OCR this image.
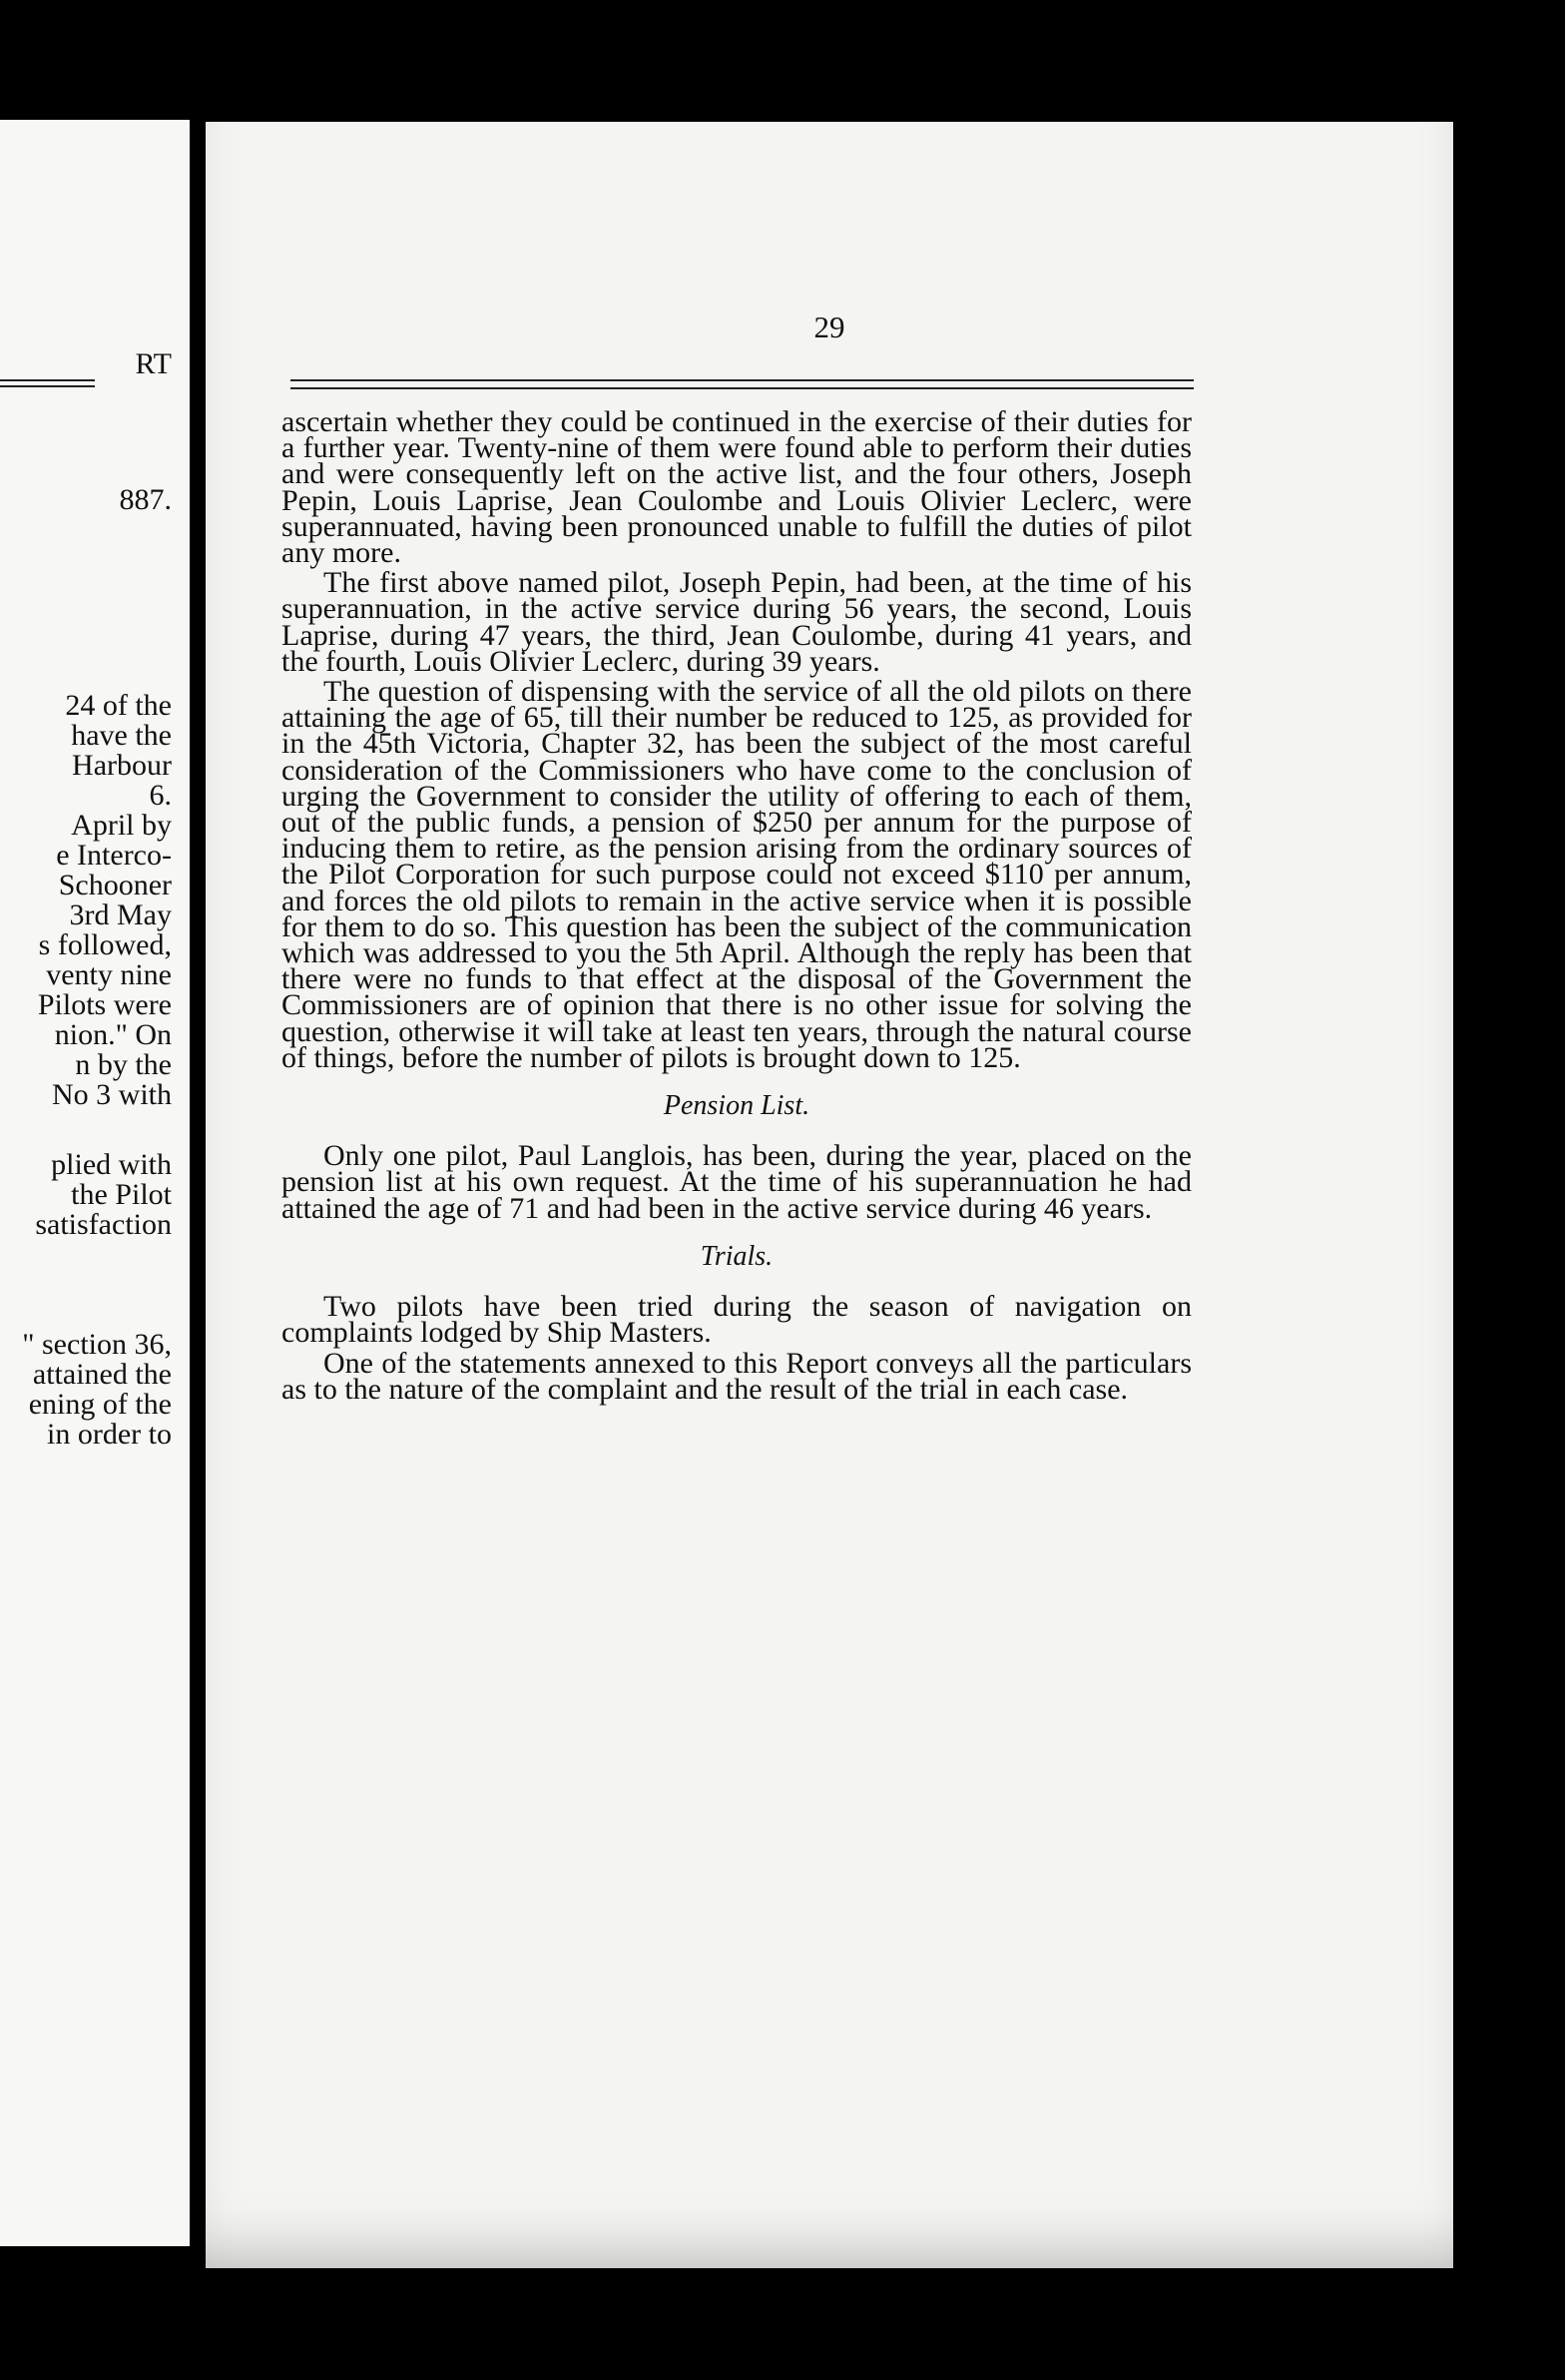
RT
887.
24 of the
have the
Harbour
6.
April by
e Interco-
Schooner
3rd May
s followed,
venty nine
Pilots were
nion." On
n by the
No 3 with
plied with
the Pilot
satisfaction
" section 36,
attained the
ening of the
in order to
29

ascertain whether they could be continued in the exercise of their duties for a further year. Twenty-nine of them were found able to perform their duties and were consequently left on the active list, and the four others, Joseph Pepin, Louis Laprise, Jean Coulombe and Louis Olivier Leclerc, were superannuated, having been pronounced unable to fulfill the duties of pilot any more.

The first above named pilot, Joseph Pepin, had been, at the time of his superannuation, in the active service during 56 years, the second, Louis Laprise, during 47 years, the third, Jean Coulombe, during 41 years, and the fourth, Louis Olivier Leclerc, during 39 years.

The question of dispensing with the service of all the old pilots on there attaining the age of 65, till their number be reduced to 125, as provided for in the 45th Victoria, Chapter 32, has been the subject of the most careful consideration of the Commissioners who have come to the conclusion of urging the Government to consider the utility of offering to each of them, out of the public funds, a pension of $250 per annum for the purpose of inducing them to retire, as the pension arising from the ordinary sources of the Pilot Corporation for such purpose could not exceed $110 per annum, and forces the old pilots to remain in the active service when it is possible for them to do so. This question has been the subject of the communication which was addressed to you the 5th April. Although the reply has been that there were no funds to that effect at the disposal of the Government the Commissioners are of opinion that there is no other issue for solving the question, otherwise it will take at least ten years, through the natural course of things, before the number of pilots is brought down to 125.

Pension List.

Only one pilot, Paul Langlois, has been, during the year, placed on the pension list at his own request. At the time of his superannuation he had attained the age of 71 and had been in the active service during 46 years.

Trials.

Two pilots have been tried during the season of navigation on complaints lodged by Ship Masters.

One of the statements annexed to this Report conveys all the particulars as to the nature of the complaint and the result of the trial in each case.
